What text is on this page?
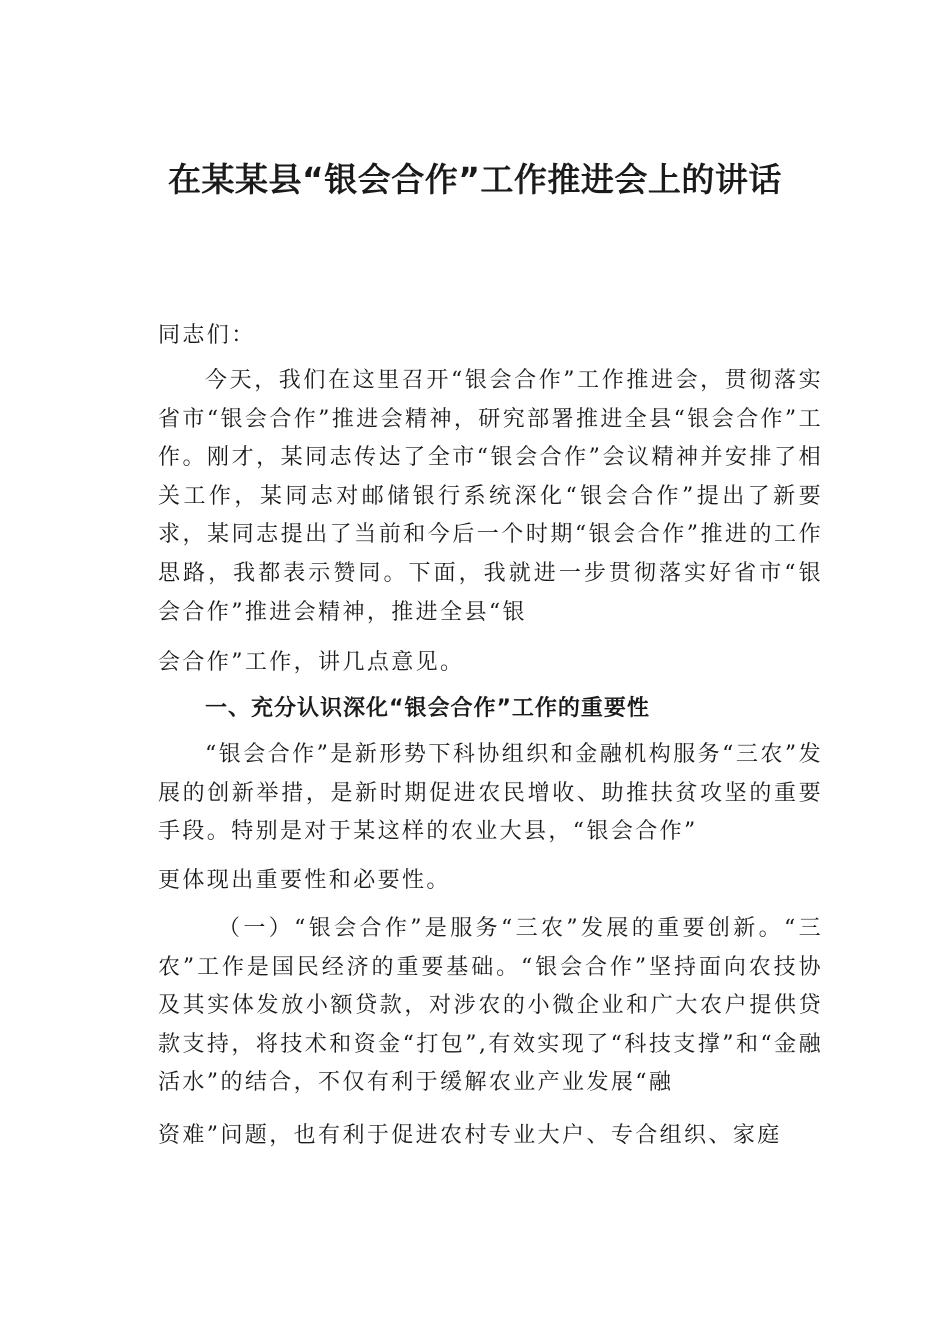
在某某县“银会合作”工作推进会上的讲话

同志们：

今天，我们在这里召开“银会合作”工作推进会，贯彻落实省市“银会合作”推进会精神，研究部署推进全县“银会合作”工作。刚才，某同志传达了全市“银会合作”会议精神并安排了相关工作，某同志对邮储银行系统深化“银会合作”提出了新要求，某同志提出了当前和今后一个时期“银会合作”推进的工作思路，我都表示赞同。下面，我就进一步贯彻落实好省市“银会合作”推进会精神，推进全县“银
会合作”工作，讲几点意见。

一、充分认识深化“银会合作”工作的重要性

“银会合作”是新形势下科协组织和金融机构服务“三农”发展的创新举措，是新时期促进农民增收、助推扶贫攻坚的重要手段。特别是对于某这样的农业大县，“银会合作”
更体现出重要性和必要性。

（一）“银会合作”是服务“三农”发展的重要创新。“三农”工作是国民经济的重要基础。“银会合作”坚持面向农技协及其实体发放小额贷款，对涉农的小微企业和广大农户提供贷款支持，将技术和资金“打包”,有效实现了“科技支撑”和“金融活水”的结合，不仅有利于缓解农业产业发展“融
资难”问题，也有利于促进农村专业大户、专合组织、家庭
